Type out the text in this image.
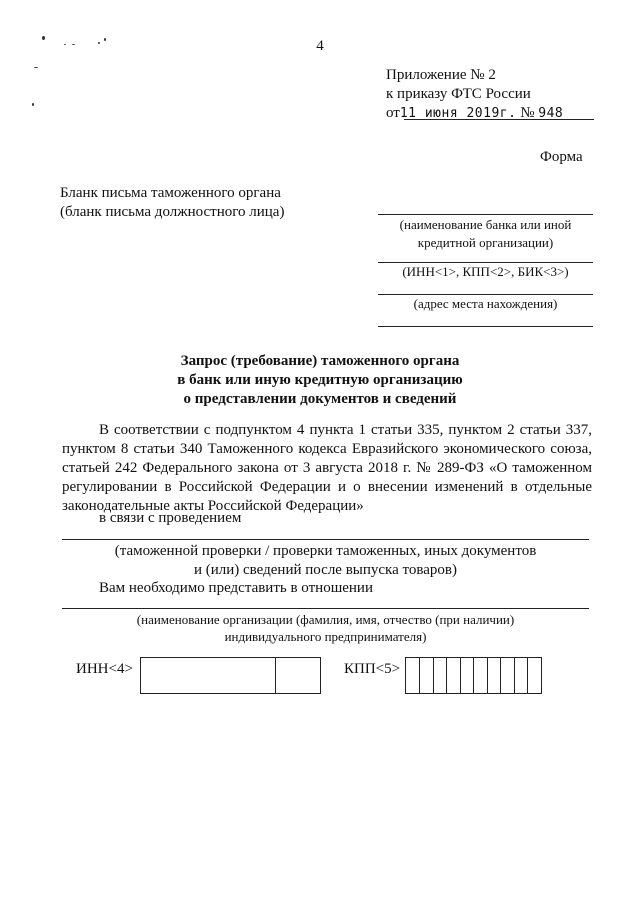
4
Приложение № 2
к приказу ФТС России
от11 июня 2019г. № 948
Форма
Бланк письма таможенного органа
(бланк письма должностного лица)
(наименование банка или иной кредитной организации)
(ИНН<1>, КПП<2>, БИК<3>)
(адрес места нахождения)
Запрос (требование) таможенного органа
в банк или иную кредитную организацию
о представлении документов и сведений
В соответствии с подпунктом 4 пункта 1 статьи 335, пунктом 2 статьи 337, пунктом 8 статьи 340 Таможенного кодекса Евразийского экономического союза, статьей 242 Федерального закона от 3 августа 2018 г. № 289-ФЗ «О таможенном регулировании в Российской Федерации и о внесении изменений в отдельные законодательные акты Российской Федерации»
в связи с проведением
(таможенной проверки / проверки таможенных, иных документов
и (или) сведений после выпуска товаров)
Вам необходимо представить в отношении
(наименование организации (фамилия, имя, отчество (при наличии) индивидуального предпринимателя)
ИНН<4>	КПП<5>
